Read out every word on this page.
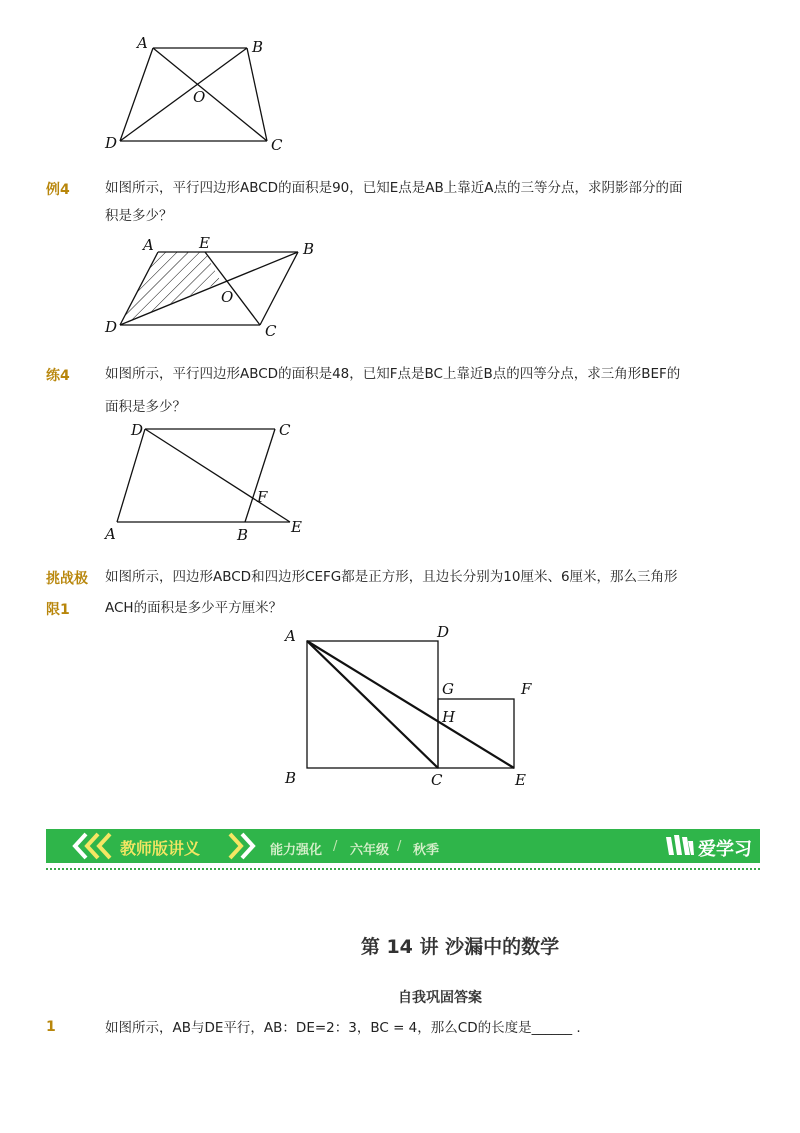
A	B
O
D	C
例4	如图所示，平行四边形ABCD的面积是90，已知E点是AB上靠近A点的三等分点，求阴影部分的面
积是多少？
A	E	B
O
D	C
练4	如图所示，平行四边形ABCD的面积是48，已知F点是BC上靠近B点的四等分点，求三角形BEF的
面积是多少？
D	C
F
A	B	E
挑战极
限1
如图所示，四边形ABCD和四边形CEFG都是正方形，且边长分别为10厘米、6厘米，那么三角形
ACH的面积是多少平方厘米？
A	D
G	F
H
B	C	E
教师版讲义	能力强化 / 六年级 / 秋季	爱学习
第 14 讲 沙漏中的数学
自我巩固答案
1	如图所示，AB与DE平行，AB：DE=2：3，BC = 4，那么CD的长度是______ .
